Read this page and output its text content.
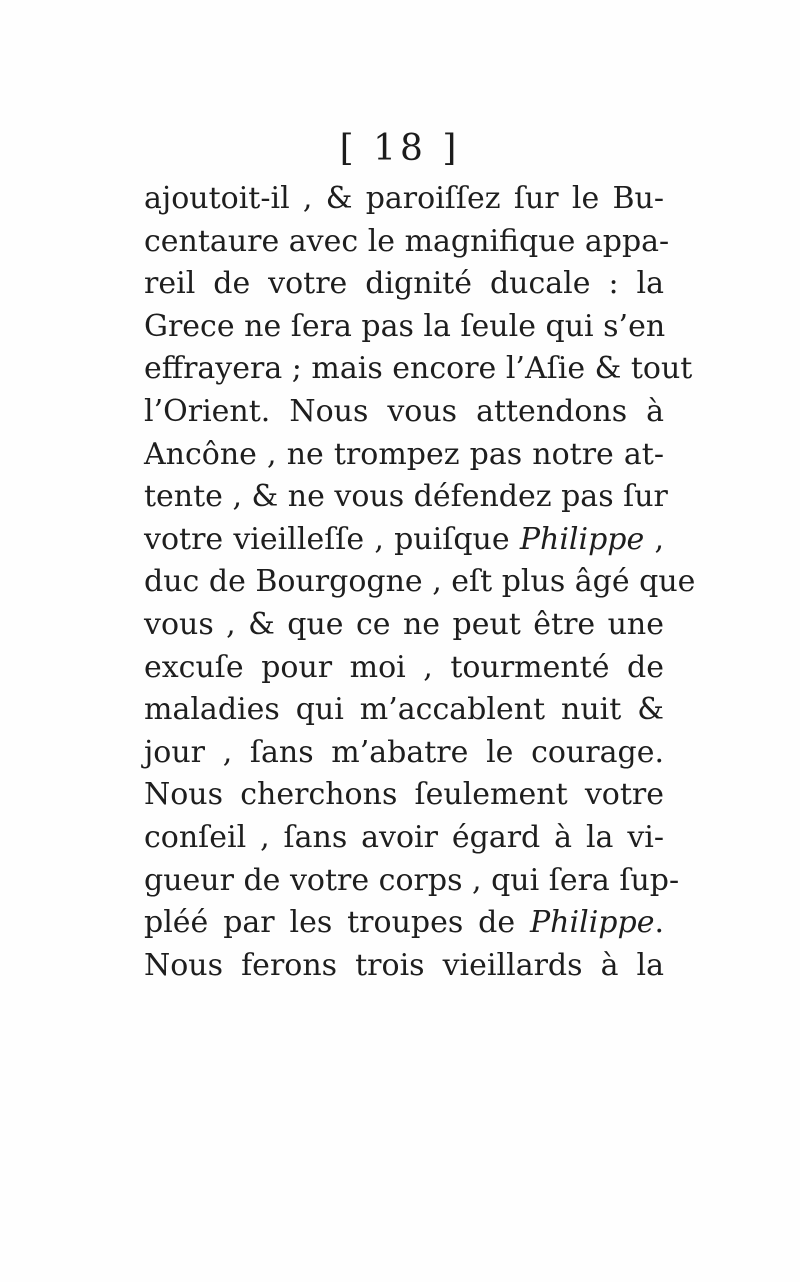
[ 18 ]
ajoutoit-il , & paroiſſez ſur le Bu-
centaure avec le magnifique appa-
reil de votre dignité ducale : la
Grece ne ſera pas la ſeule qui s’en
effrayera ; mais encore l’Aſie & tout
l’Orient. Nous vous attendons à
Ancône , ne trompez pas notre at-
tente , & ne vous défendez pas ſur
votre vieilleſſe , puiſque Philippe ,
duc de Bourgogne , eſt plus âgé que
vous , & que ce ne peut être une
excuſe pour moi , tourmenté de
maladies qui m’accablent nuit &
jour , ſans m’abatre le courage.
Nous cherchons ſeulement votre
conſeil , ſans avoir égard à la vi-
gueur de votre corps , qui ſera ſup-
pléé par les troupes de Philippe.
Nous ferons trois vieillards à la
